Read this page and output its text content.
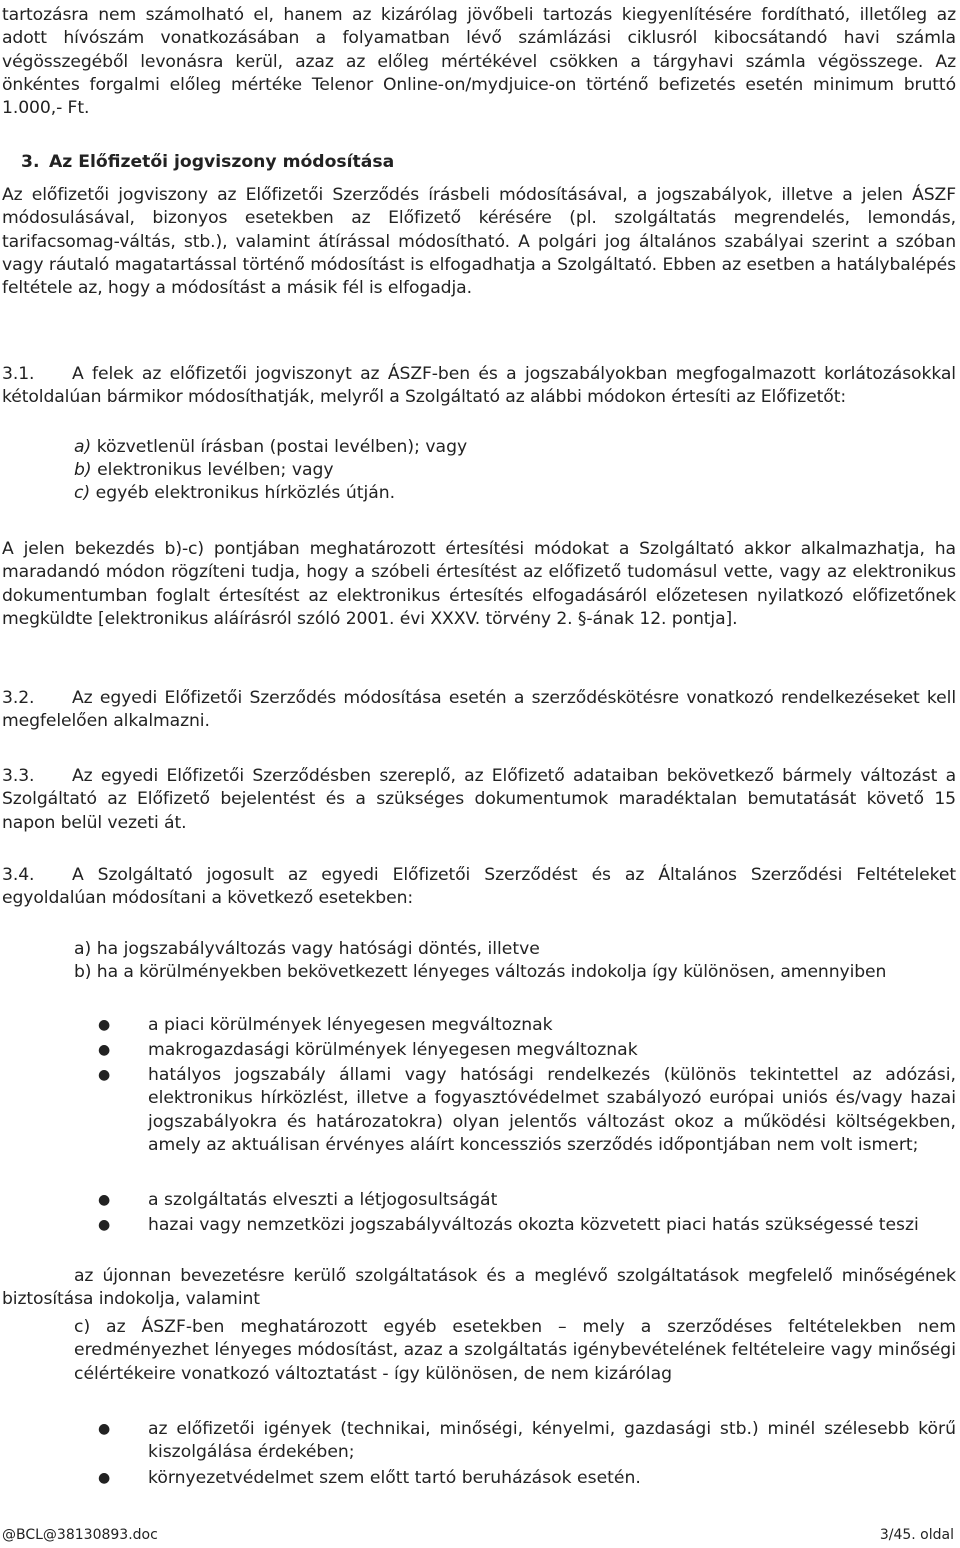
tartozásra nem számolható el, hanem az kizárólag jövőbeli tartozás kiegyenlítésére fordítható, illetőleg az adott hívószám vonatkozásában a folyamatban lévő számlázási ciklusról kibocsátandó havi számla végösszegéből levonásra kerül, azaz az előleg mértékével csökken a tárgyhavi számla végösszege. Az önkéntes forgalmi előleg mértéke Telenor Online-on/mydjuice-on történő befizetés esetén minimum bruttó 1.000,- Ft.

3. Az Előfizetői jogviszony módosítása

Az előfizetői jogviszony az Előfizetői Szerződés írásbeli módosításával, a jogszabályok, illetve a jelen ÁSZF módosulásával, bizonyos esetekben az Előfizető kérésére (pl. szolgáltatás megrendelés, lemondás, tarifacsomag-váltás, stb.), valamint átírással módosítható. A polgári jog általános szabályai szerint a szóban vagy ráutaló magatartással történő módosítást is elfogadhatja a Szolgáltató. Ebben az esetben a hatálybalépés feltétele az, hogy a módosítást a másik fél is elfogadja.

3.1. A felek az előfizetői jogviszonyt az ÁSZF-ben és a jogszabályokban megfogalmazott korlátozásokkal kétoldalúan bármikor módosíthatják, melyről a Szolgáltató az alábbi módokon értesíti az Előfizetőt:

a) közvetlenül írásban (postai levélben); vagy

b) elektronikus levélben; vagy

c) egyéb elektronikus hírközlés útján.

A jelen bekezdés b)-c) pontjában meghatározott értesítési módokat a Szolgáltató akkor alkalmazhatja, ha maradandó módon rögzíteni tudja, hogy a szóbeli értesítést az előfizető tudomásul vette, vagy az elektronikus dokumentumban foglalt értesítést az elektronikus értesítés elfogadásáról előzetesen nyilatkozó előfizetőnek megküldte [elektronikus aláírásról szóló 2001. évi XXXV. törvény 2. §-ának 12. pontja].

3.2. Az egyedi Előfizetői Szerződés módosítása esetén a szerződéskötésre vonatkozó rendelkezéseket kell megfelelően alkalmazni.

3.3. Az egyedi Előfizetői Szerződésben szereplő, az Előfizető adataiban bekövetkező bármely változást a Szolgáltató az Előfizető bejelentést és a szükséges dokumentumok maradéktalan bemutatását követő 15 napon belül vezeti át.

3.4. A Szolgáltató jogosult az egyedi Előfizetői Szerződést és az Általános Szerződési Feltételeket egyoldalúan módosítani a következő esetekben:

a) ha jogszabályváltozás vagy hatósági döntés, illetve

b) ha a körülményekben bekövetkezett lényeges változás indokolja így különösen, amennyiben

● a piaci körülmények lényegesen megváltoznak
● makrogazdasági körülmények lényegesen megváltoznak
● hatályos jogszabály állami vagy hatósági rendelkezés (különös tekintettel az adózási, elektronikus hírközlést, illetve a fogyasztóvédelmet szabályozó európai uniós és/vagy hazai jogszabályokra és határozatokra) olyan jelentős változást okoz a működési költségekben, amely az aktuálisan érvényes aláírt koncessziós szerződés időpontjában nem volt ismert;
● a szolgáltatás elveszti a létjogosultságát
● hazai vagy nemzetközi jogszabályváltozás okozta közvetett piaci hatás szükségessé teszi

az újonnan bevezetésre kerülő szolgáltatások és a meglévő szolgáltatások megfelelő minőségének biztosítása indokolja, valamint

c) az ÁSZF-ben meghatározott egyéb esetekben – mely a szerződéses feltételekben nem eredményezhet lényeges módosítást, azaz a szolgáltatás igénybevételének feltételeire vagy minőségi célértékeire vonatkozó változtatást - így különösen, de nem kizárólag

● az előfizetői igények (technikai, minőségi, kényelmi, gazdasági stb.) minél szélesebb körű kiszolgálása érdekében;
● környezetvédelmet szem előtt tartó beruházások esetén.
@BCL@38130893.doc	3/45. oldal
